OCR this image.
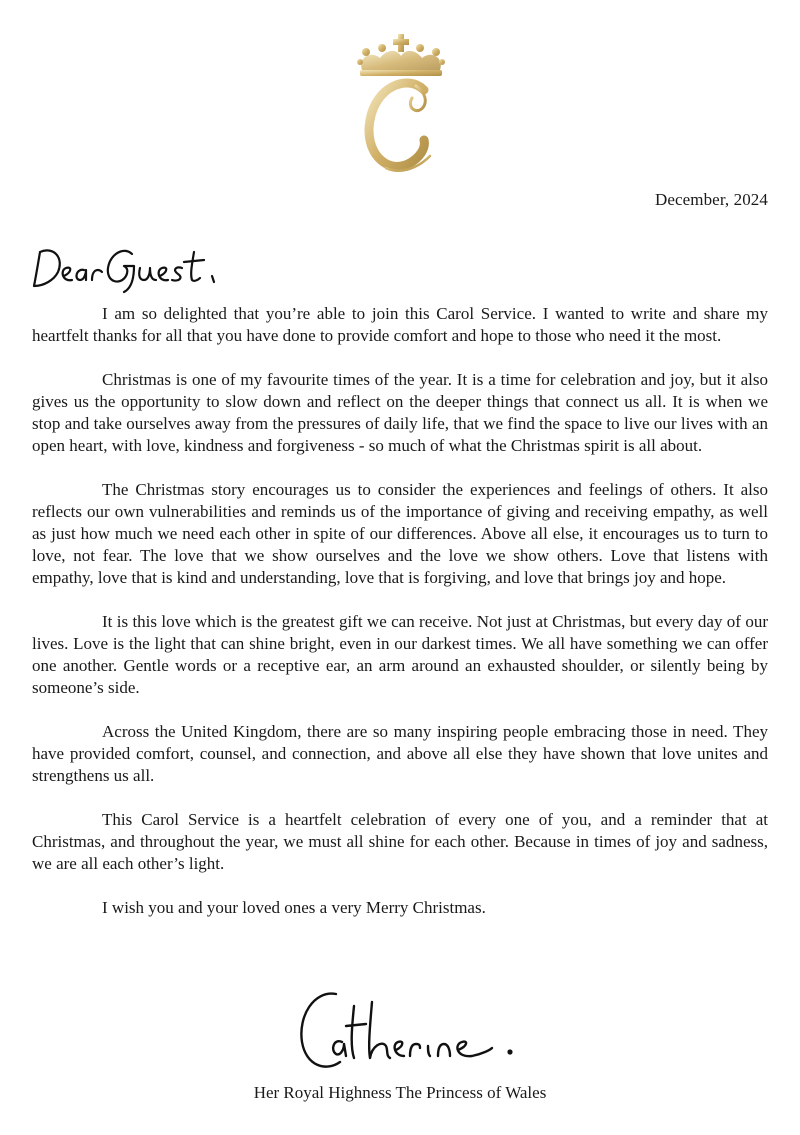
C
December, 2024

I am so delighted that you’re able to join this Carol Service. I wanted to write and share my heartfelt thanks for all that you have done to provide comfort and hope to those who need it the most.

Christmas is one of my favourite times of the year. It is a time for celebration and joy, but it also gives us the opportunity to slow down and reflect on the deeper things that connect us all. It is when we stop and take ourselves away from the pressures of daily life, that we find the space to live our lives with an open heart, with love, kindness and forgiveness - so much of what the Christmas spirit is all about.

The Christmas story encourages us to consider the experiences and feelings of others. It also reflects our own vulnerabilities and reminds us of the importance of giving and receiving empathy, as well as just how much we need each other in spite of our differences. Above all else, it encourages us to turn to love, not fear. The love that we show ourselves and the love we show others. Love that listens with empathy, love that is kind and understanding, love that is forgiving, and love that brings joy and hope.

It is this love which is the greatest gift we can receive. Not just at Christmas, but every day of our lives. Love is the light that can shine bright, even in our darkest times. We all have something we can offer one another. Gentle words or a receptive ear, an arm around an exhausted shoulder, or silently being by someone’s side.

Across the United Kingdom, there are so many inspiring people embracing those in need. They have provided comfort, counsel, and connection, and above all else they have shown that love unites and strengthens us all.

This Carol Service is a heartfelt celebration of every one of you, and a reminder that at Christmas, and throughout the year, we must all shine for each other. Because in times of joy and sadness, we are all each other’s light.

I wish you and your loved ones a very Merry Christmas.

Her Royal Highness The Princess of Wales
